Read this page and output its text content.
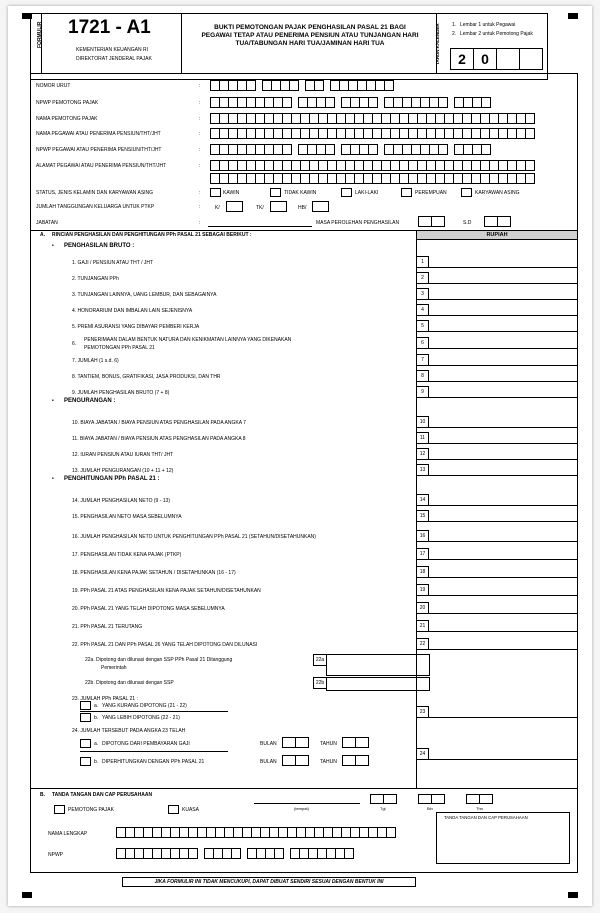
FORMULIR 1721 - A1
KEMENTERIAN KEUANGAN RI
DIREKTORAT JENDERAL PAJAK
BUKTI PEMOTONGAN PAJAK PENGHASILAN PASAL 21 BAGI
PEGAWAI TETAP ATAU PENERIMA PENSIUN ATAU TUNJANGAN HARI
TUA/TABUNGAN HARI TUA/JAMINAN HARI TUA	TAHUN KALENDER 1. Lembar 1 untuk Pegawai
2. Lembar 2 untuk Pemotong Pajak
2	0
NOMOR URUT	:
NPWP PEMOTONG PAJAK	:
NAMA PEMOTONG PAJAK	:
NAMA PEGAWAI ATAU PENERIMA PENSIUN/THT/JHT	:
NPWP PEGAWAI ATAU PENERIMA PENSIUN/THT/JHT	:
ALAMAT PEGAWAI ATAU PENERIMA PENSIUN/THT/JHT	:
STATUS, JENIS KELAMIN DAN KARYAWAN ASING	:	KAWIN	TIDAK KAWIN	LAKI-LAKI	PEREMPUAN	KARYAWAN ASING
JUMLAH TANGGUNGAN KELUARGA UNTUK PTKP	:	K/	TK/	HB/
JABATAN	:	MASA PEROLEHAN PENGHASILAN	S.D
A. RINCIAN PENGHASILAN DAN PENGHITUNGAN PPh PASAL 21 SEBAGAI BERIKUT :	RUPIAH
• PENGHASILAN BRUTO :
• PENGURANGAN :
• PENGHITUNGAN PPh PASAL 21 :
22a. Dipotong dan dilunasi dengan SSP PPh Pasal 21 Ditanggung
Pemerintah
22a
22b. Dipotong dan dilunasi dengan SSP	22b
23. JUMLAH PPh PASAL 21 :
a. YANG KURANG DIPOTONG (21 - 22)
b. YANG LEBIH DIPOTONG (22 - 21)
23
24. JUMLAH TERSEBUT PADA ANGKA 23 TELAH
a. DIPOTONG DARI PEMBAYARAN GAJI	BULAN	TAHUN
b. DIPERHITUNGKAN DENGAN PPh PASAL 21	BULAN	TAHUN
24
B. TANDA TANGAN DAN CAP PERUSAHAAN
PEMOTONG PAJAK	KUASA	(tempat)	Tgl	Bln	Thn
TANDA TANGAN DAN CAP PERUSAHAAN
NAMA LENGKAP
NPWP
JIKA FORMULIR INI TIDAK MENCUKUPI, DAPAT DIBUAT SENDIRI SESUAI DENGAN BENTUK INI
1. GAJI / PENSIUN ATAU THT / JHT	1
2. TUNJANGAN PPh	2
3. TUNJANGAN LAINNYA, UANG LEMBUR, DAN SEBAGAINYA	3
4. HONORARIUM DAN IMBALAN LAIN SEJENISNYA	4
5. PREMI ASURANSI YANG DIBAYAR PEMBERI KERJA	5
6.
PENERIMAAN DALAM BENTUK NATURA DAN KENIKMATAN LAINNYA YANG DIKENAKAN
PEMOTONGAN PPh PASAL 21
6
7. JUMLAH (1 s.d. 6)	7
8. TANTIEM, BONUS, GRATIFIKASI, JASA PRODUKSI, DAN THR	8
9. JUMLAH PENGHASILAN BRUTO (7 + 8)	9
10. BIAYA JABATAN / BIAYA PENSIUN ATAS PENGHASILAN PADA ANGKA 7	10
11. BIAYA JABATAN / BIAYA PENSIUN ATAS PENGHASILAN PADA ANGKA 8	11
12. IURAN PENSIUN ATAU IURAN THT/ JHT	12
13. JUMLAH PENGURANGAN (10 + 11 + 12)	13
14. JUMLAH PENGHASILAN NETO (9 - 13)	14
15. PENGHASILAN NETO MASA SEBELUMNYA	15
16. JUMLAH PENGHASILAN NETO UNTUK PENGHITUNGAN PPh PASAL 21 (SETAHUN/DISETAHUNKAN)	16
17. PENGHASILAN TIDAK KENA PAJAK (PTKP)	17
18. PENGHASILAN KENA PAJAK SETAHUN / DISETAHUNKAN (16 - 17)	18
19. PPh PASAL 21 ATAS PENGHASILAN KENA PAJAK SETAHUN/DISETAHUNKAN	19
20. PPh PASAL 21 YANG TELAH DIPOTONG MASA SEBELUMNYA	20
21. PPh PASAL 21 TERUTANG	21
22. PPh PASAL 21 DAN PPh PASAL 26 YANG TELAH DIPOTONG DAN DILUNASI	22
